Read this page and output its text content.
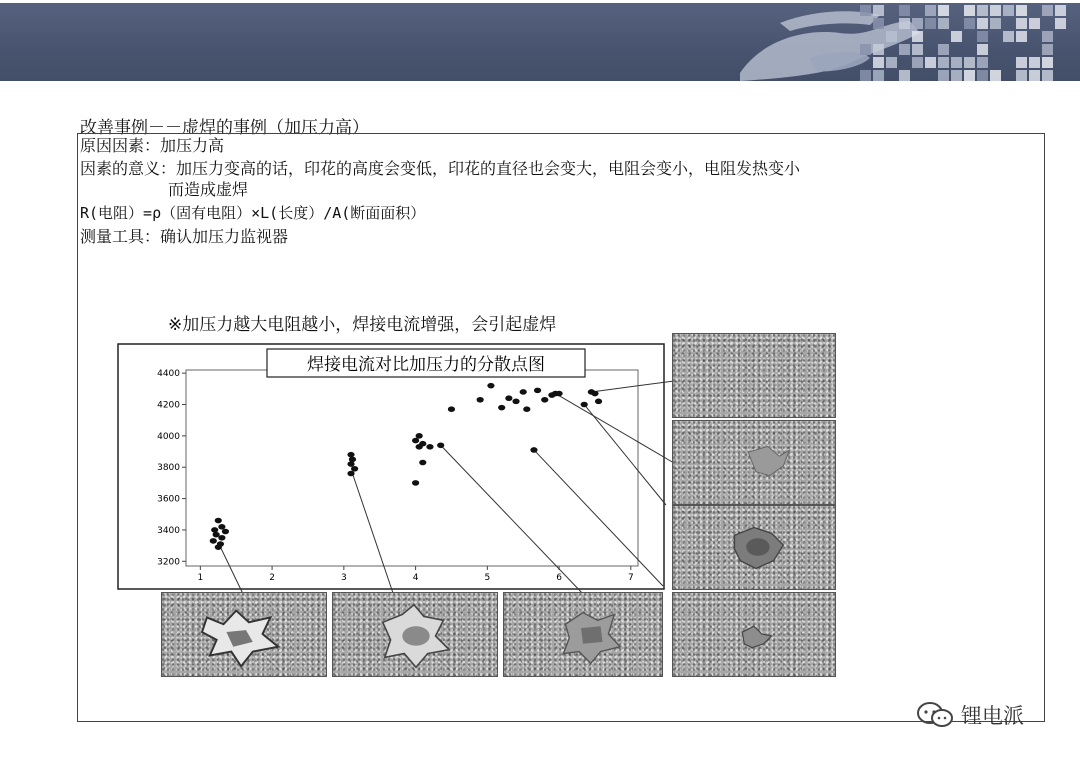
改善事例－－虚焊的事例（加压力高）
原因因素：加压力高
因素的意义：加压力变高的话，印花的高度会变低，印花的直径也会变大，电阻会变小，电阻发热变小
而造成虚焊
R(电阻）=ρ（固有电阻）×L(长度）/A(断面面积）
测量工具：确认加压力监视器
※加压力越大电阻越小，焊接电流增强，会引起虚焊
焊接电流对比加压力的分散点图
1	2	3	4	5	6	7
3200
3400
3600
3800
4000
4200
4400
锂电派
